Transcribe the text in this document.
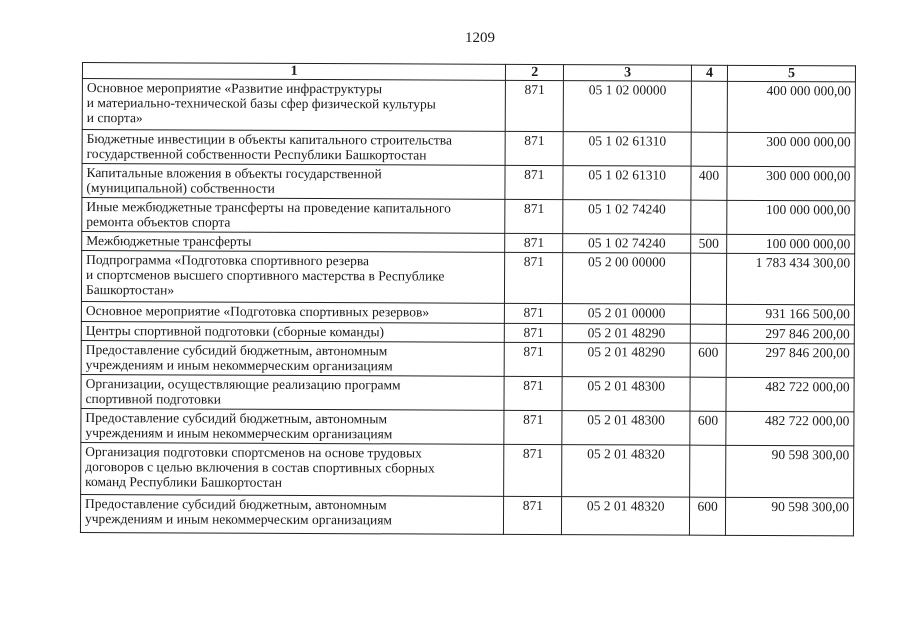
1209
1	2	3	4	5
Основное мероприятие «Развитие инфраструктуры
и материально-технической базы сфер физической культуры
и спорта»	871	05 1 02 00000		400 000 000,00
Бюджетные инвестиции в объекты капитального строительства
государственной собственности Республики Башкортостан	871	05 1 02 61310		300 000 000,00
Капитальные вложения в объекты государственной
(муниципальной) собственности	871	05 1 02 61310	400	300 000 000,00
Иные межбюджетные трансферты на проведение капитального
ремонта объектов спорта	871	05 1 02 74240		100 000 000,00
Межбюджетные трансферты	871	05 1 02 74240	500	100 000 000,00
Подпрограмма «Подготовка спортивного резерва
и спортсменов высшего спортивного мастерства в Республике
Башкортостан»	871	05 2 00 00000		1 783 434 300,00
Основное мероприятие «Подготовка спортивных резервов»	871	05 2 01 00000		931 166 500,00
Центры спортивной подготовки (сборные команды)	871	05 2 01 48290		297 846 200,00
Предоставление субсидий бюджетным, автономным
учреждениям и иным некоммерческим организациям	871	05 2 01 48290	600	297 846 200,00
Организации, осуществляющие реализацию программ
спортивной подготовки	871	05 2 01 48300		482 722 000,00
Предоставление субсидий бюджетным, автономным
учреждениям и иным некоммерческим организациям	871	05 2 01 48300	600	482 722 000,00
Организация подготовки спортсменов на основе трудовых
договоров с целью включения в состав спортивных сборных
команд Республики Башкортостан	871	05 2 01 48320		90 598 300,00
Предоставление субсидий бюджетным, автономным
учреждениям и иным некоммерческим организациям	871	05 2 01 48320	600	90 598 300,00
